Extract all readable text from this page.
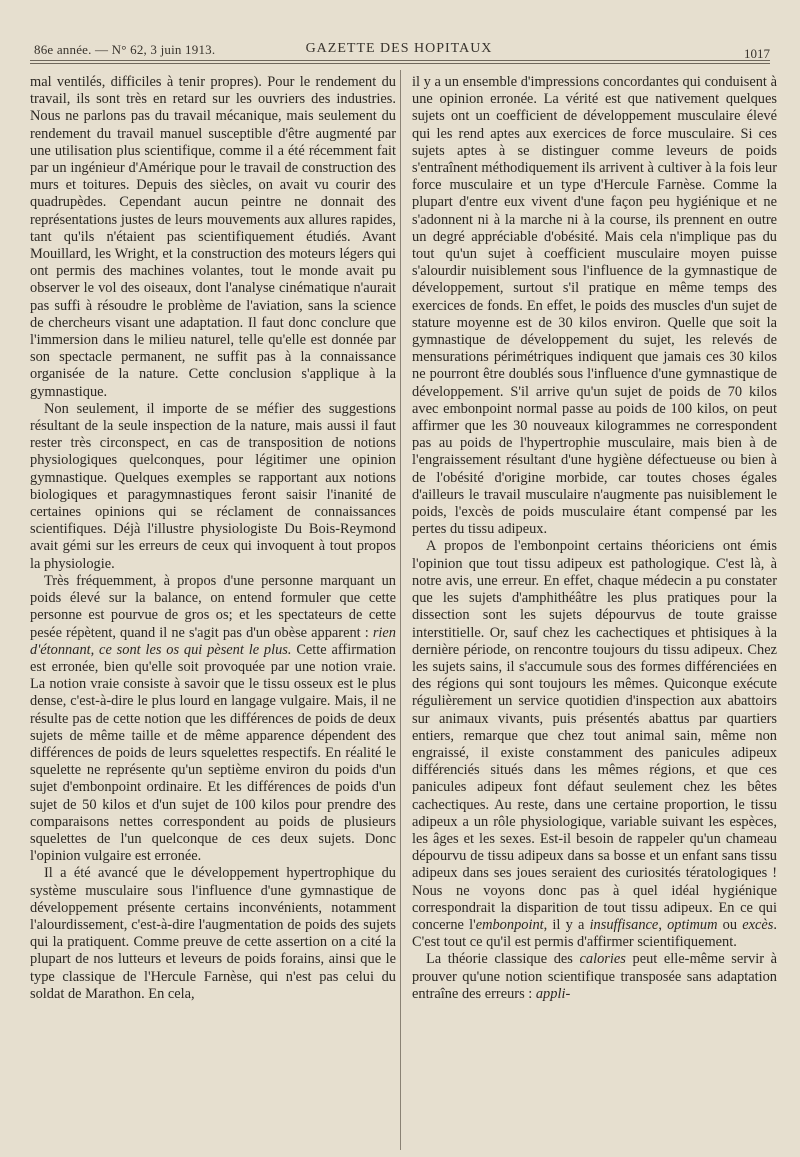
86e année. — N° 62, 3 juin 1913.	GAZETTE DES HOPITAUX	1017

mal ventilés, difficiles à tenir propres). Pour le rendement du travail, ils sont très en retard sur les ouvriers des industries. Nous ne parlons pas du travail mécanique, mais seulement du rendement du travail manuel susceptible d'être augmenté par une utilisation plus scientifique, comme il a été récemment fait par un ingénieur d'Amérique pour le travail de construction des murs et toitures. Depuis des siècles, on avait vu courir des quadrupèdes. Cependant aucun peintre ne donnait des représentations justes de leurs mouvements aux allures rapides, tant qu'ils n'étaient pas scientifiquement étudiés. Avant Mouillard, les Wright, et la construction des moteurs légers qui ont permis des machines volantes, tout le monde avait pu observer le vol des oiseaux, dont l'analyse cinématique n'aurait pas suffi à résoudre le problème de l'aviation, sans la science de chercheurs visant une adaptation. Il faut donc conclure que l'immersion dans le milieu naturel, telle qu'elle est donnée par son spectacle permanent, ne suffit pas à la connaissance organisée de la nature. Cette conclusion s'applique à la gymnastique.

Non seulement, il importe de se méfier des suggestions résultant de la seule inspection de la nature, mais aussi il faut rester très circonspect, en cas de transposition de notions physiologiques quelconques, pour légitimer une opinion gymnastique. Quelques exemples se rapportant aux notions biologiques et paragymnastiques feront saisir l'inanité de certaines opinions qui se réclament de connaissances scientifiques. Déjà l'illustre physiologiste Du Bois-Reymond avait gémi sur les erreurs de ceux qui invoquent à tout propos la physiologie.

Très fréquemment, à propos d'une personne marquant un poids élevé sur la balance, on entend formuler que cette personne est pourvue de gros os; et les spectateurs de cette pesée répètent, quand il ne s'agit pas d'un obèse apparent : rien d'étonnant, ce sont les os qui pèsent le plus. Cette affirmation est erronée, bien qu'elle soit provoquée par une notion vraie. La notion vraie consiste à savoir que le tissu osseux est le plus dense, c'est-à-dire le plus lourd en langage vulgaire. Mais, il ne résulte pas de cette notion que les différences de poids de deux sujets de même taille et de même apparence dépendent des différences de poids de leurs squelettes respectifs. En réalité le squelette ne représente qu'un septième environ du poids d'un sujet d'embonpoint ordinaire. Et les différences de poids d'un sujet de 50 kilos et d'un sujet de 100 kilos pour prendre des comparaisons nettes correspondent au poids de plusieurs squelettes de l'un quelconque de ces deux sujets. Donc l'opinion vulgaire est erronée.

Il a été avancé que le développement hypertrophique du système musculaire sous l'influence d'une gymnastique de développement présente certains inconvénients, notamment l'alourdissement, c'est-à-dire l'augmentation de poids des sujets qui la pratiquent. Comme preuve de cette assertion on a cité la plupart de nos lutteurs et leveurs de poids forains, ainsi que le type classique de l'Hercule Farnèse, qui n'est pas celui du soldat de Marathon. En cela,

il y a un ensemble d'impressions concordantes qui conduisent à une opinion erronée. La vérité est que nativement quelques sujets ont un coefficient de développement musculaire élevé qui les rend aptes aux exercices de force musculaire. Si ces sujets aptes à se distinguer comme leveurs de poids s'entraînent méthodiquement ils arrivent à cultiver à la fois leur force musculaire et un type d'Hercule Farnèse. Comme la plupart d'entre eux vivent d'une façon peu hygiénique et ne s'adonnent ni à la marche ni à la course, ils prennent en outre un degré appréciable d'obésité. Mais cela n'implique pas du tout qu'un sujet à coefficient musculaire moyen puisse s'alourdir nuisiblement sous l'influence de la gymnastique de développement, surtout s'il pratique en même temps des exercices de fonds. En effet, le poids des muscles d'un sujet de stature moyenne est de 30 kilos environ. Quelle que soit la gymnastique de développement du sujet, les relevés de mensurations périmétriques indiquent que jamais ces 30 kilos ne pourront être doublés sous l'influence d'une gymnastique de développement. S'il arrive qu'un sujet de poids de 70 kilos avec embonpoint normal passe au poids de 100 kilos, on peut affirmer que les 30 nouveaux kilogrammes ne correspondent pas au poids de l'hypertrophie musculaire, mais bien à de l'engraissement résultant d'une hygiène défectueuse ou bien à de l'obésité d'origine morbide, car toutes choses égales d'ailleurs le travail musculaire n'augmente pas nuisiblement le poids, l'excès de poids musculaire étant compensé par les pertes du tissu adipeux.

A propos de l'embonpoint certains théoriciens ont émis l'opinion que tout tissu adipeux est pathologique. C'est là, à notre avis, une erreur. En effet, chaque médecin a pu constater que les sujets d'amphithéâtre les plus pratiques pour la dissection sont les sujets dépourvus de toute graisse interstitielle. Or, sauf chez les cachectiques et phtisiques à la dernière période, on rencontre toujours du tissu adipeux. Chez les sujets sains, il s'accumule sous des formes différenciées en des régions qui sont toujours les mêmes. Quiconque exécute régulièrement un service quotidien d'inspection aux abattoirs sur animaux vivants, puis présentés abattus par quartiers entiers, remarque que chez tout animal sain, même non engraissé, il existe constamment des panicules adipeux différenciés situés dans les mêmes régions, et que ces panicules adipeux font défaut seulement chez les bêtes cachectiques. Au reste, dans une certaine proportion, le tissu adipeux a un rôle physiologique, variable suivant les espèces, les âges et les sexes. Est-il besoin de rappeler qu'un chameau dépourvu de tissu adipeux dans sa bosse et un enfant sans tissu adipeux dans ses joues seraient des curiosités tératologiques ! Nous ne voyons donc pas à quel idéal hygiénique correspondrait la disparition de tout tissu adipeux. En ce qui concerne l'embonpoint, il y a insuffisance, optimum ou excès. C'est tout ce qu'il est permis d'affirmer scientifiquement.

La théorie classique des calories peut elle-même servir à prouver qu'une notion scientifique transposée sans adaptation entraîne des erreurs : appli-
